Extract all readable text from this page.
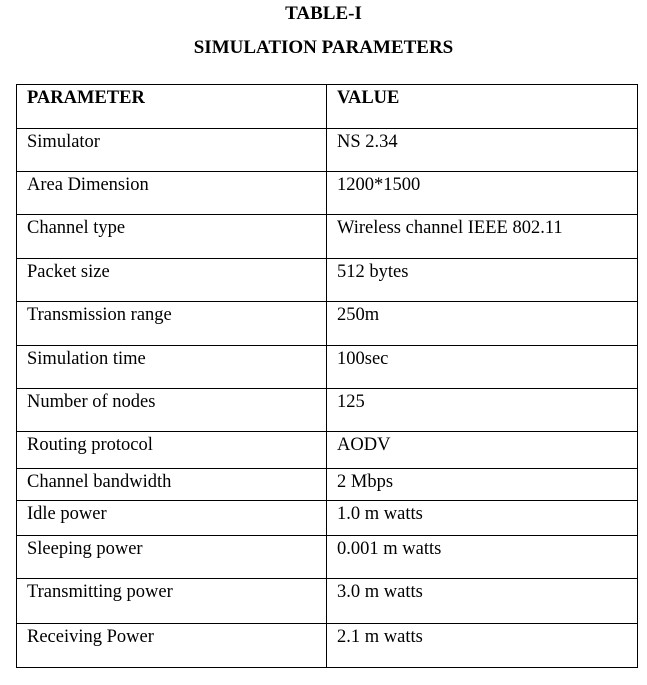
TABLE-I
SIMULATION PARAMETERS
PARAMETER	VALUE

Simulator	NS 2.34

Area Dimension	1200*1500

Channel type	Wireless channel IEEE 802.11

Packet size	512 bytes

Transmission range	250m

Simulation time	100sec

Number of nodes	125

Routing protocol	AODV

Channel bandwidth	2 Mbps

Idle power	1.0 m watts

Sleeping power	0.001 m watts

Transmitting power	3.0 m watts

Receiving Power	2.1 m watts
